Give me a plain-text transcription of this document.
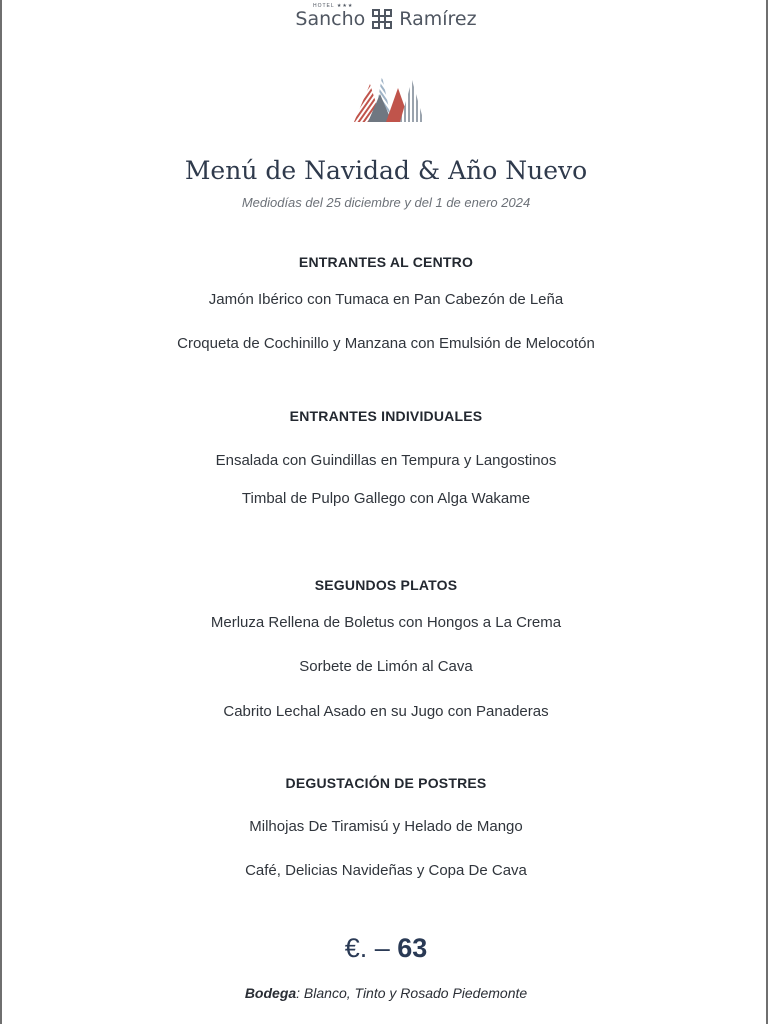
HOTEL ★★★
Sancho Ramírez
Menú de Navidad & Año Nuevo
Mediodías del 25 diciembre y del 1 de enero 2024
ENTRANTES AL CENTRO
Jamón Ibérico con Tumaca en Pan Cabezón de Leña
Croqueta de Cochinillo y Manzana con Emulsión de Melocotón
ENTRANTES INDIVIDUALES
Ensalada con Guindillas en Tempura y Langostinos
Timbal de Pulpo Gallego con Alga Wakame
SEGUNDOS PLATOS
Merluza Rellena de Boletus con Hongos a La Crema
Sorbete de Limón al Cava
Cabrito Lechal Asado en su Jugo con Panaderas
DEGUSTACIÓN DE POSTRES
Milhojas De Tiramisú y Helado de Mango
Café, Delicias Navideñas y Copa De Cava
€. – 63
Bodega: Blanco, Tinto y Rosado Piedemonte
